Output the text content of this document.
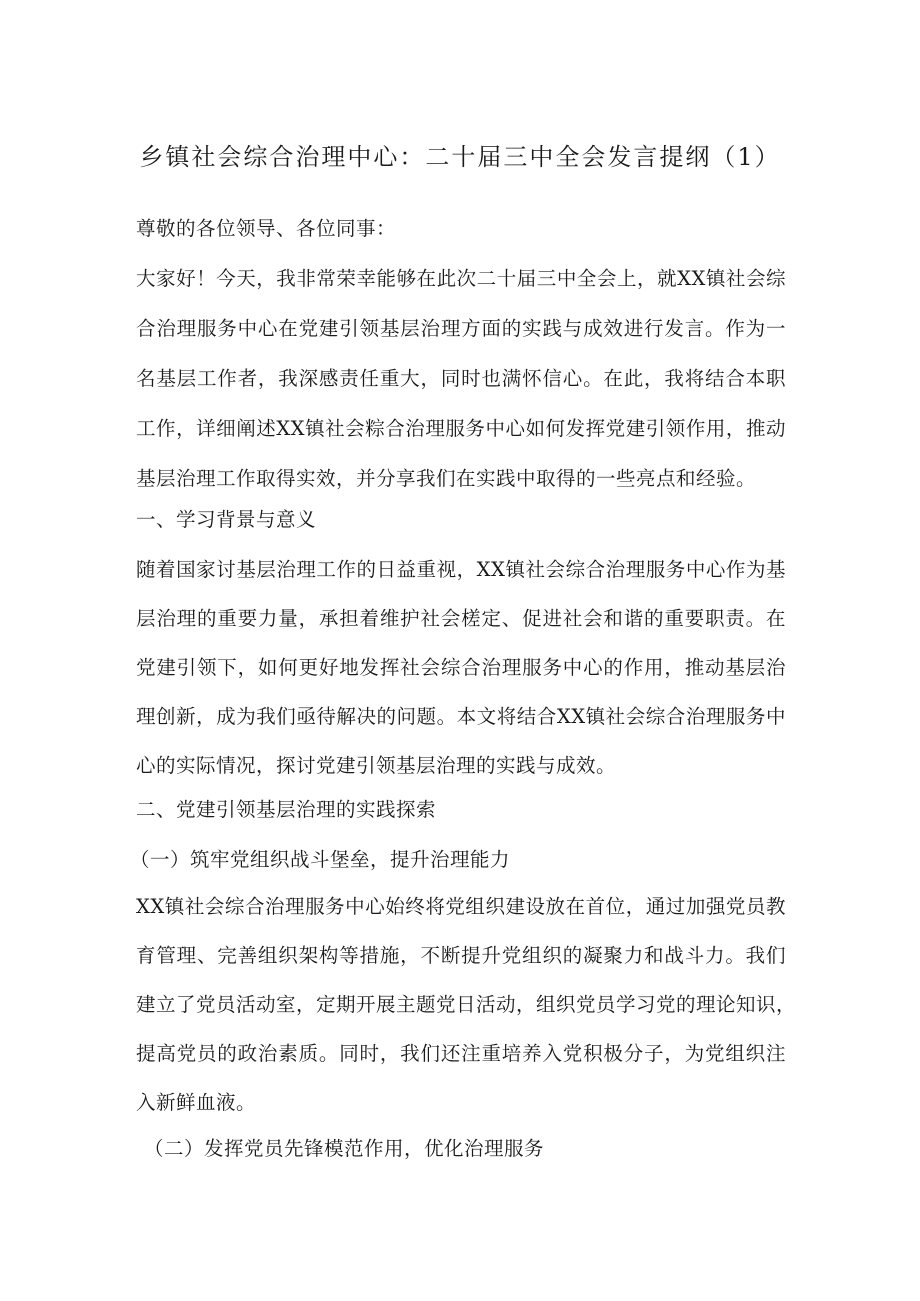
乡镇社会综合治理中心：二十届三中全会发言提纲（1）
尊敬的各位领导、各位同事：
大家好！今天，我非常荣幸能够在此次二十届三中全会上，就XX镇社会综
合治理服务中心在党建引领基层治理方面的实践与成效进行发言。作为一
名基层工作者，我深感责任重大，同时也满怀信心。在此，我将结合本职
工作，详细阐述XX镇社会粽合治理服务中心如何发挥党建引领作用，推动
基层治理工作取得实效，并分享我们在实践中取得的一些亮点和经验。
一、学习背景与意义
随着国家讨基层治理工作的日益重视，XX镇社会综合治理服务中心作为基
层治理的重要力量，承担着维护社会槎定、促进社会和谐的重要职责。在
党建引领下，如何更好地发挥社会综合治理服务中心的作用，推动基层治
理创新，成为我们亟待解决的问题。本文将结合XX镇社会综合治理服务中
心的实际情况，探讨党建引领基层治理的实践与成效。
二、党建引领基层治理的实践探索
（一）筑牢党组织战斗堡垒，提升治理能力
XX镇社会综合治理服务中心始终将党组织建设放在首位，通过加强党员教
育管理、完善组织架构等措施，不断提升党组织的凝聚力和战斗力。我们
建立了党员活动室，定期开展主题党日活动，组织党员学习党的理论知识，
提高党员的政治素质。同时，我们还注重培养入党积极分子，为党组织注
入新鲜血液。
（二）发挥党员先锋模范作用，优化治理服务
